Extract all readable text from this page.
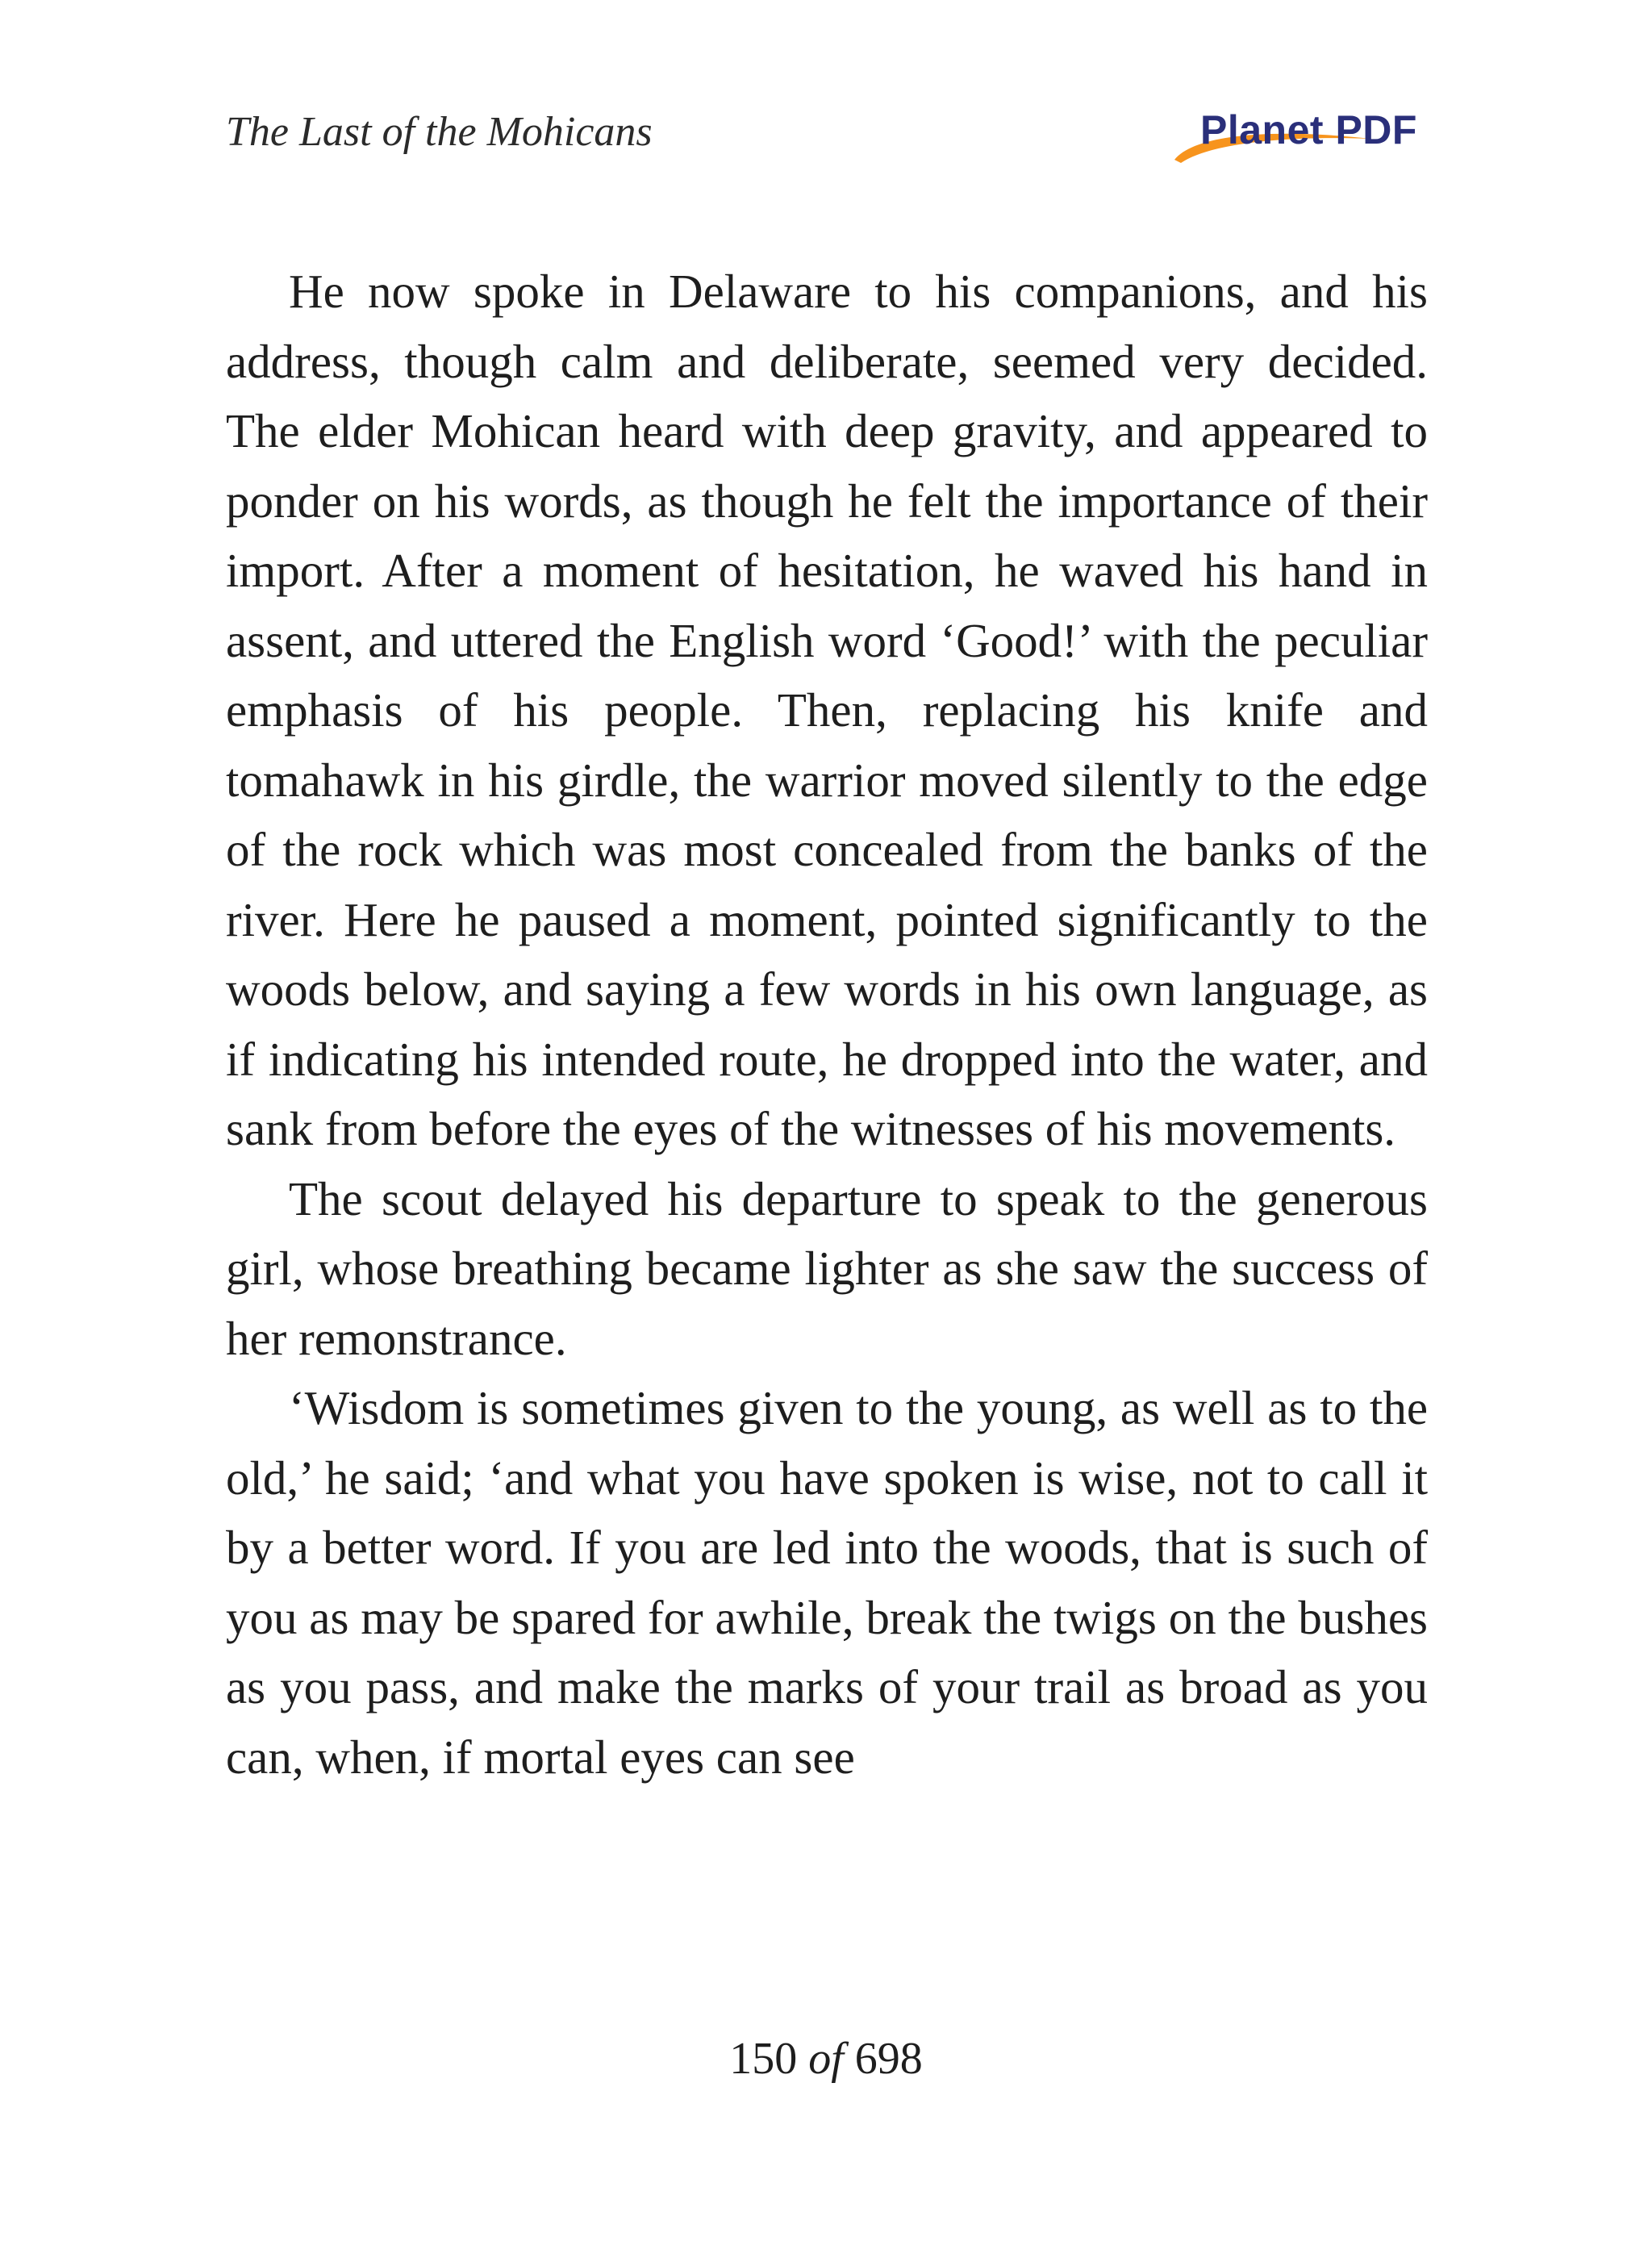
The Last of the Mohicans	Planet PDF

He now spoke in Delaware to his companions, and his address, though calm and deliberate, seemed very decided. The elder Mohican heard with deep gravity, and appeared to ponder on his words, as though he felt the importance of their import. After a moment of hesitation, he waved his hand in assent, and uttered the English word ‘Good!’ with the peculiar emphasis of his people. Then, replacing his knife and tomahawk in his girdle, the warrior moved silently to the edge of the rock which was most concealed from the banks of the river. Here he paused a moment, pointed significantly to the woods below, and saying a few words in his own language, as if indicating his intended route, he dropped into the water, and sank from before the eyes of the witnesses of his movements.

The scout delayed his departure to speak to the generous girl, whose breathing became lighter as she saw the success of her remonstrance.

‘Wisdom is sometimes given to the young, as well as to the old,’ he said; ‘and what you have spoken is wise, not to call it by a better word. If you are led into the woods, that is such of you as may be spared for awhile, break the twigs on the bushes as you pass, and make the marks of your trail as broad as you can, when, if mortal eyes can see

150 of 698
